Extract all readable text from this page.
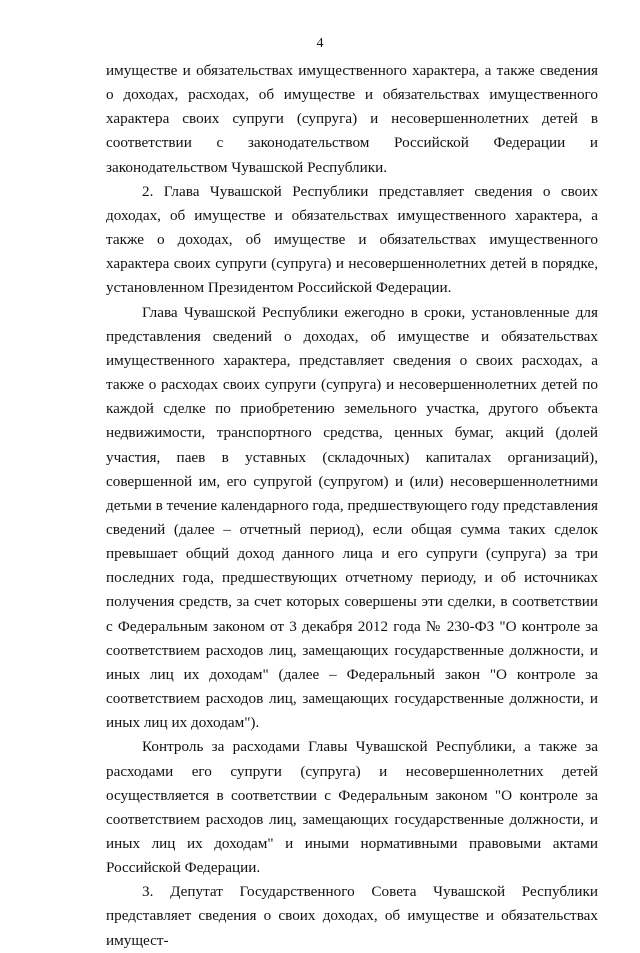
4

имуществе и обязательствах имущественного характера, а также сведения о доходах, расходах, об имуществе и обязательствах имущественного характера своих супруги (супруга) и несовершеннолетних детей в соответствии с законодательством Российской Федерации и законодательством Чувашской Республики.

2. Глава Чувашской Республики представляет сведения о своих доходах, об имуществе и обязательствах имущественного характера, а также о доходах, об имуществе и обязательствах имущественного характера своих супруги (супруга) и несовершеннолетних детей в порядке, установленном Президентом Российской Федерации.

Глава Чувашской Республики ежегодно в сроки, установленные для представления сведений о доходах, об имуществе и обязательствах имущественного характера, представляет сведения о своих расходах, а также о расходах своих супруги (супруга) и несовершеннолетних детей по каждой сделке по приобретению земельного участка, другого объекта недвижимости, транспортного средства, ценных бумаг, акций (долей участия, паев в уставных (складочных) капиталах организаций), совершенной им, его супругой (супругом) и (или) несовершеннолетними детьми в течение календарного года, предшествующего году представления сведений (далее – отчетный период), если общая сумма таких сделок превышает общий доход данного лица и его супруги (супруга) за три последних года, предшествующих отчетному периоду, и об источниках получения средств, за счет которых совершены эти сделки, в соответствии с Федеральным законом от 3 декабря 2012 года № 230-ФЗ "О контроле за соответствием расходов лиц, замещающих государственные должности, и иных лиц их доходам" (далее – Федеральный закон "О контроле за соответствием расходов лиц, замещающих государственные должности, и иных лиц их доходам").

Контроль за расходами Главы Чувашской Республики, а также за расходами его супруги (супруга) и несовершеннолетних детей осуществляется в соответствии с Федеральным законом "О контроле за соответствием расходов лиц, замещающих государственные должности, и иных лиц их доходам" и иными нормативными правовыми актами Российской Федерации.

3. Депутат Государственного Совета Чувашской Республики представляет сведения о своих доходах, об имуществе и обязательствах имущест-
